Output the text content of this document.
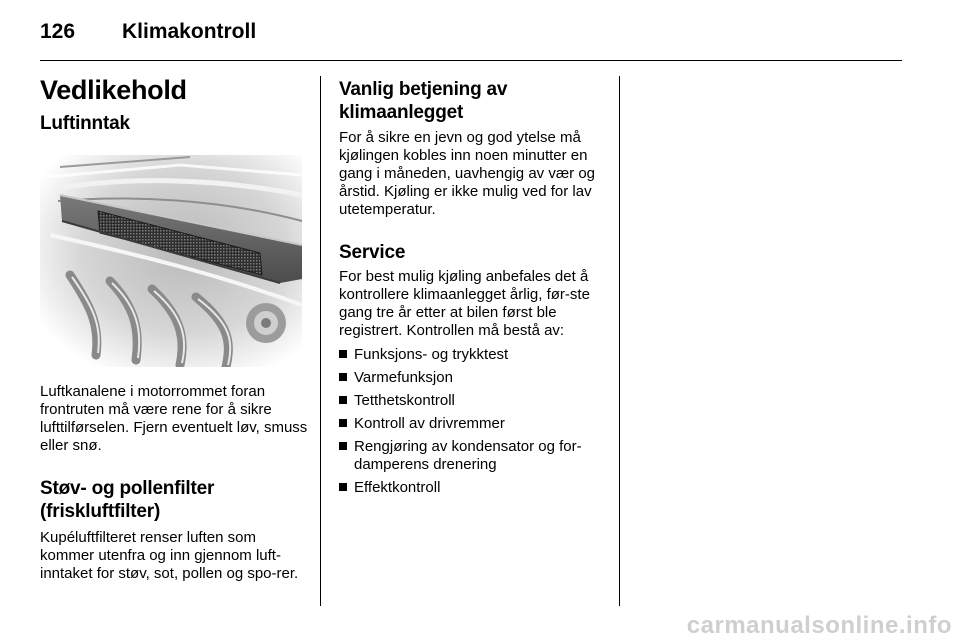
126 Klimakontroll
Vedlikehold
Luftinntak

Luftkanalene i motorrommet foran frontruten må være rene for å sikre lufttilførselen. Fjern eventuelt løv, smuss eller snø.

Støv- og pollenfilter (friskluftfilter)

Kupéluftfilteret renser luften som kommer utenfra og inn gjennom luft-inntaket for støv, sot, pollen og spo-rer.

Vanlig betjening av klimaanlegget

For å sikre en jevn og god ytelse må kjølingen kobles inn noen minutter en gang i måneden, uavhengig av vær og årstid. Kjøling er ikke mulig ved for lav utetemperatur.

Service

For best mulig kjøling anbefales det å kontrollere klimaanlegget årlig, før-ste gang tre år etter at bilen først ble registrert. Kontrollen må bestå av:

Funksjons- og trykktest
Varmefunksjon
Tetthetskontroll
Kontroll av drivremmer
Rengjøring av kondensator og for-damperens drenering
Effektkontroll
carmanualsonline.info
